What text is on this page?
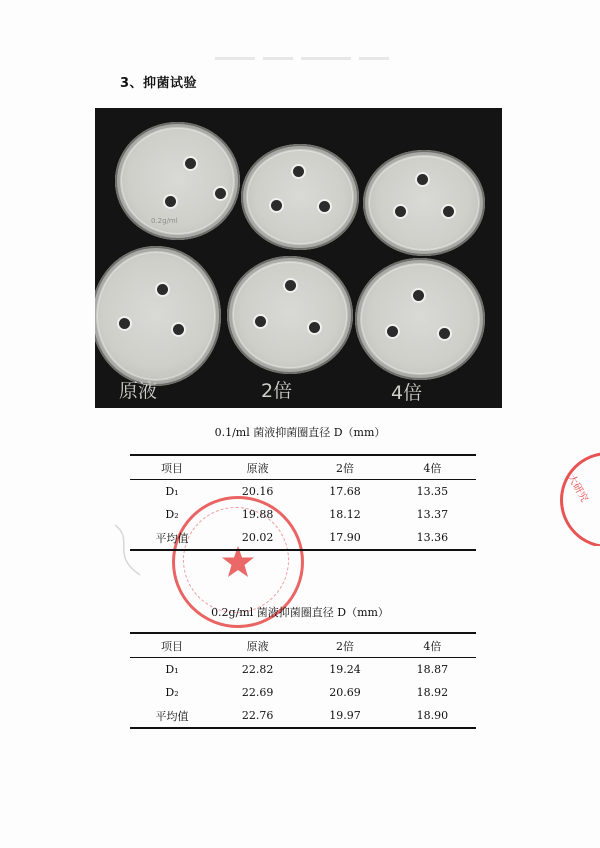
3、抑菌试验
0.2g/ml
原液	2倍	4倍
大研究
0.1/ml 菌液抑菌圈直径 D（mm）
项目	原液	2倍	4倍
D₁	20.16	17.68	13.35
D₂	19.88	18.12	13.37
平均值	20.02	17.90	13.36
0.2g/ml 菌液抑菌圈直径 D（mm）
项目	原液	2倍	4倍
D₁	22.82	19.24	18.87
D₂	22.69	20.69	18.92
平均值	22.76	19.97	18.90
